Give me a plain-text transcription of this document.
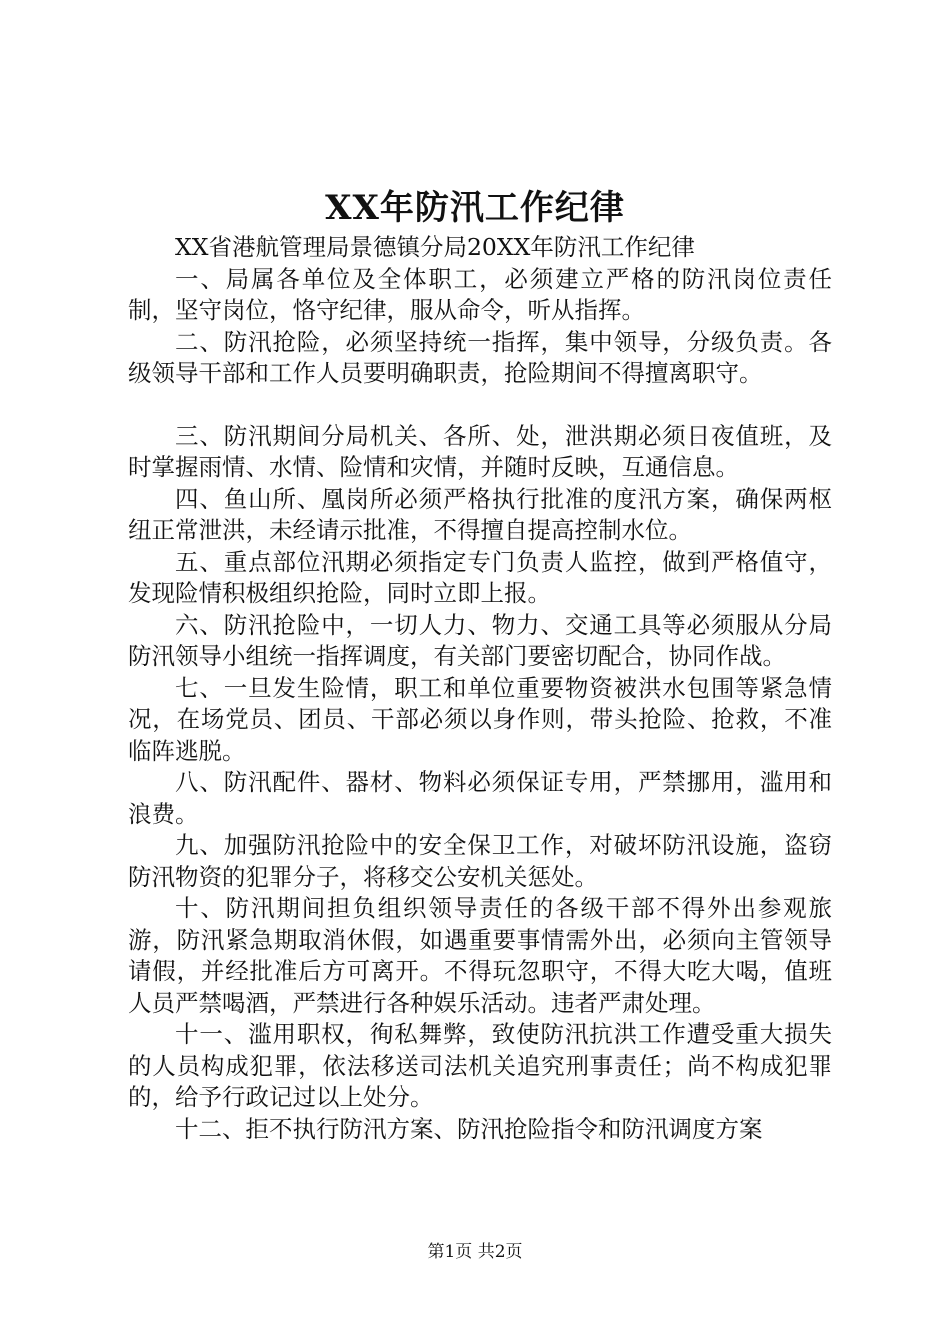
XX年防汛工作纪律

XX省港航管理局景德镇分局20XX年防汛工作纪律

一、局属各单位及全体职工，必须建立严格的防汛岗位责任制，坚守岗位，恪守纪律，服从命令，听从指挥。

二、防汛抢险，必须坚持统一指挥，集中领导，分级负责。各级领导干部和工作人员要明确职责，抢险期间不得擅离职守。

三、防汛期间分局机关、各所、处，泄洪期必须日夜值班，及时掌握雨情、水情、险情和灾情，并随时反映，互通信息。

四、鱼山所、凰岗所必须严格执行批准的度汛方案，确保两枢纽正常泄洪，未经请示批准，不得擅自提高控制水位。

五、重点部位汛期必须指定专门负责人监控，做到严格值守，发现险情积极组织抢险，同时立即上报。

六、防汛抢险中，一切人力、物力、交通工具等必须服从分局防汛领导小组统一指挥调度，有关部门要密切配合，协同作战。

七、一旦发生险情，职工和单位重要物资被洪水包围等紧急情况，在场党员、团员、干部必须以身作则，带头抢险、抢救，不准临阵逃脱。

八、防汛配件、器材、物料必须保证专用，严禁挪用，滥用和浪费。

九、加强防汛抢险中的安全保卫工作，对破坏防汛设施，盗窃防汛物资的犯罪分子，将移交公安机关惩处。

十、防汛期间担负组织领导责任的各级干部不得外出参观旅游，防汛紧急期取消休假，如遇重要事情需外出，必须向主管领导请假，并经批准后方可离开。不得玩忽职守，不得大吃大喝，值班人员严禁喝酒，严禁进行各种娱乐活动。违者严肃处理。

十一、滥用职权，徇私舞弊，致使防汛抗洪工作遭受重大损失的人员构成犯罪，依法移送司法机关追究刑事责任；尚不构成犯罪的，给予行政记过以上处分。

十二、拒不执行防汛方案、防汛抢险指令和防汛调度方案

第1页 共2页
